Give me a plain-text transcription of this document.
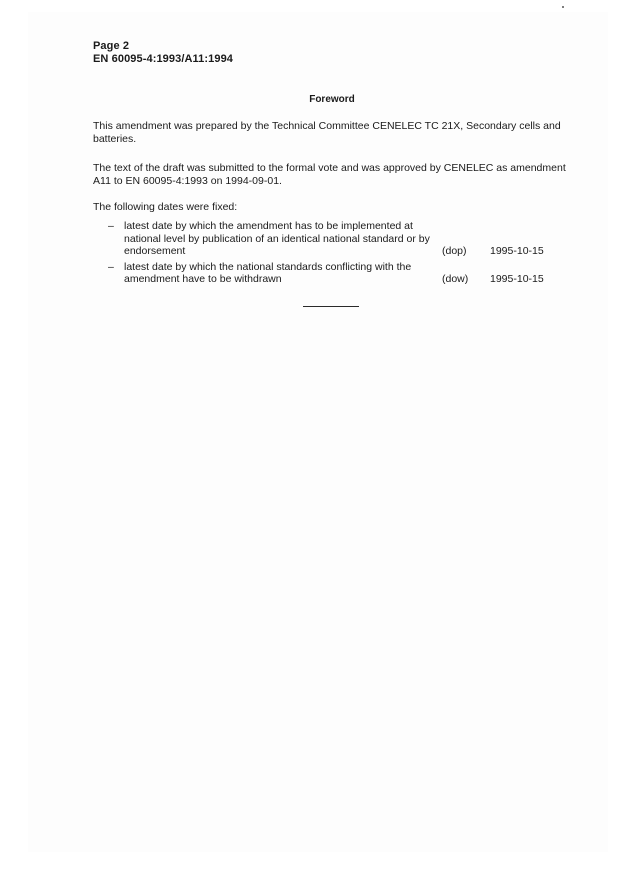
Page 2
EN 60095-4:1993/A11:1994
Foreword
This amendment was prepared by the Technical Committee CENELEC TC 21X, Secondary cells and batteries.
The text of the draft was submitted to the formal vote and was approved by CENELEC as amendment A11 to EN 60095-4:1993 on 1994-09-01.
The following dates were fixed:
– latest date by which the amendment has to be implemented at national level by publication of an identical national standard or by endorsement	(dop)	1995-10-15
– latest date by which the national standards conflicting with the amendment have to be withdrawn	(dow)	1995-10-15
